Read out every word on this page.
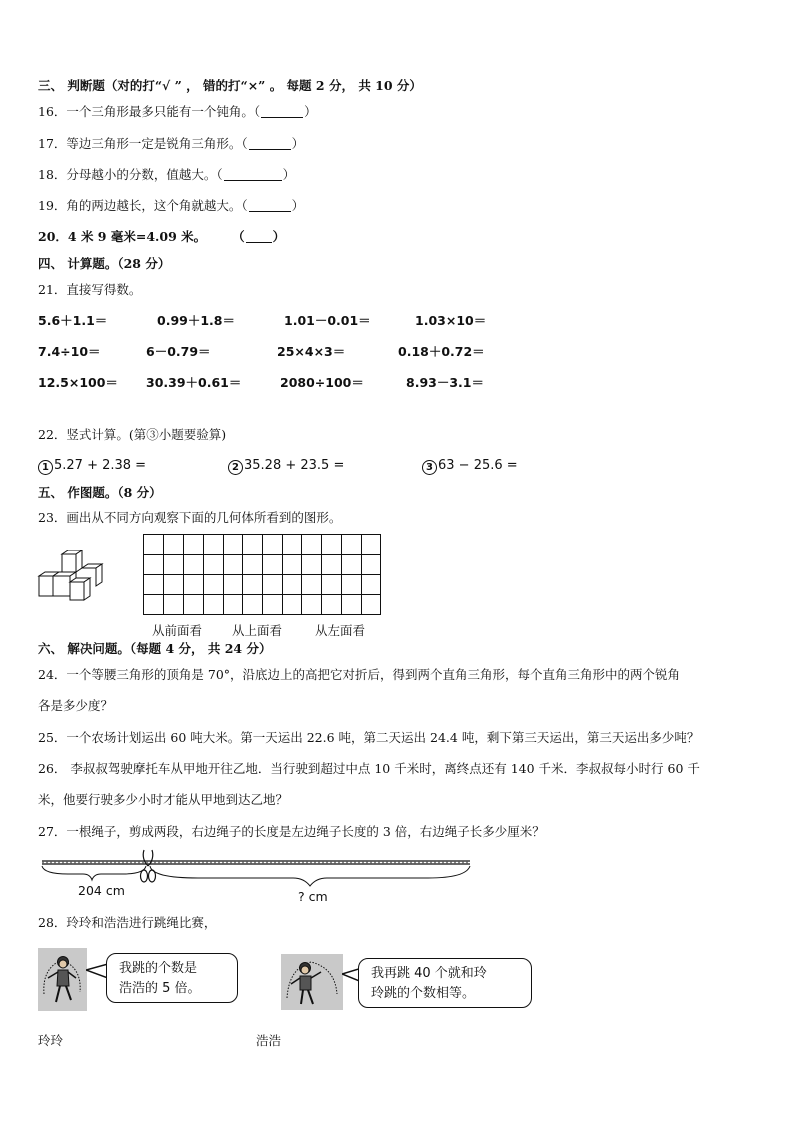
三、 判断题（对的打“√ ” ， 错的打“×” 。 每题 2 分， 共 10 分）
16．一个三角形最多只能有一个钝角。（	）
17．等边三角形一定是锐角三角形。（	）
18．分母越小的分数，值越大。（	）
19．角的两边越长，这个角就越大。（	）
20．4 米 9 毫米=4.09 米。 （ ）
四、 计算题。（28 分）
21．直接写得数。
5.6＋1.1＝	0.99＋1.8＝	1.01－0.01＝	1.03×10＝
7.4÷10＝	6－0.79＝	25×4×3＝	0.18＋0.72＝
12.5×100＝ 30.39＋0.61＝	2080÷100＝	8.93－3.1＝
22．竖式计算。(第③小题要验算)
1 5.27 + 2.38 =	2 35.28 + 23.5 =	3 63 − 25.6 =
五、 作图题。（8 分）
23．画出从不同方向观察下面的几何体所看到的图形。
从前面看 从上面看	从左面看
六、 解决问题。（每题 4 分， 共 24 分）
24．一个等腰三角形的顶角是 70°，沿底边上的高把它对折后，得到两个直角三角形，每个直角三角形中的两个锐角
各是多少度？
25．一个农场计划运出 60 吨大米。第一天运出 22.6 吨，第二天运出 24.4 吨，剩下第三天运出，第三天运出多少吨？
26． 李叔叔驾驶摩托车从甲地开往乙地．当行驶到超过中点 10 千米时，离终点还有 140 千米．李叔叔每小时行 60 千
米，他要行驶多少小时才能从甲地到达乙地？
27．一根绳子，剪成两段，右边绳子的长度是左边绳子长度的 3 倍，右边绳子长多少厘米？
204 cm	? cm
28．玲玲和浩浩进行跳绳比赛，
我跳的个数是
浩浩的 5 倍。
我再跳 40 个就和玲
玲跳的个数相等。
玲玲	浩浩
